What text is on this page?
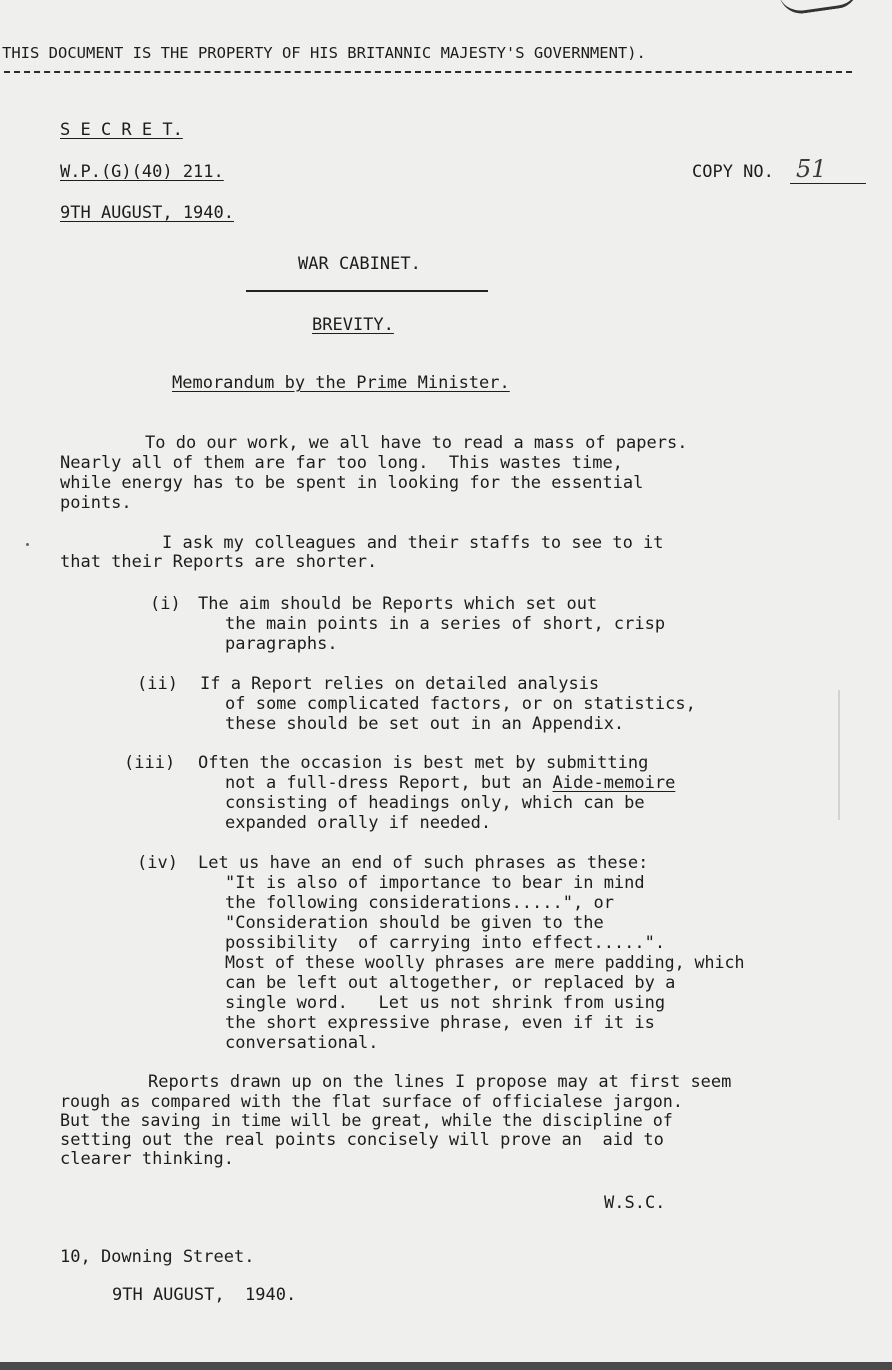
THIS DOCUMENT IS THE PROPERTY OF HIS BRITANNIC MAJESTY'S GOVERNMENT).
S E C R E T.
W.P.(G)(40) 211.
9TH AUGUST, 1940.
COPY NO. 51
WAR CABINET.
BREVITY.
Memorandum by the Prime Minister.
To do our work, we all have to read a mass of papers.
Nearly all of them are far too long.  This wastes time,
while energy has to be spent in looking for the essential
points.
I ask my colleagues and their staffs to see to it
that their Reports are shorter.
(i) The aim should be Reports which set out
the main points in a series of short, crisp
paragraphs.
(ii) If a Report relies on detailed analysis
of some complicated factors, or on statistics,
these should be set out in an Appendix.
(iii) Often the occasion is best met by submitting
not a full-dress Report, but an Aide-memoire
consisting of headings only, which can be
expanded orally if needed.
(iv) Let us have an end of such phrases as these:
"It is also of importance to bear in mind
the following considerations.....", or
"Consideration should be given to the
possibility  of carrying into effect.....".
Most of these woolly phrases are mere padding, which
can be left out altogether, or replaced by a
single word.   Let us not shrink from using
the short expressive phrase, even if it is
conversational.
Reports drawn up on the lines I propose may at first seem
rough as compared with the flat surface of officialese jargon.
But the saving in time will be great, while the discipline of
setting out the real points concisely will prove an  aid to
clearer thinking.
W.S.C.
10, Downing Street.
9TH AUGUST,  1940.
